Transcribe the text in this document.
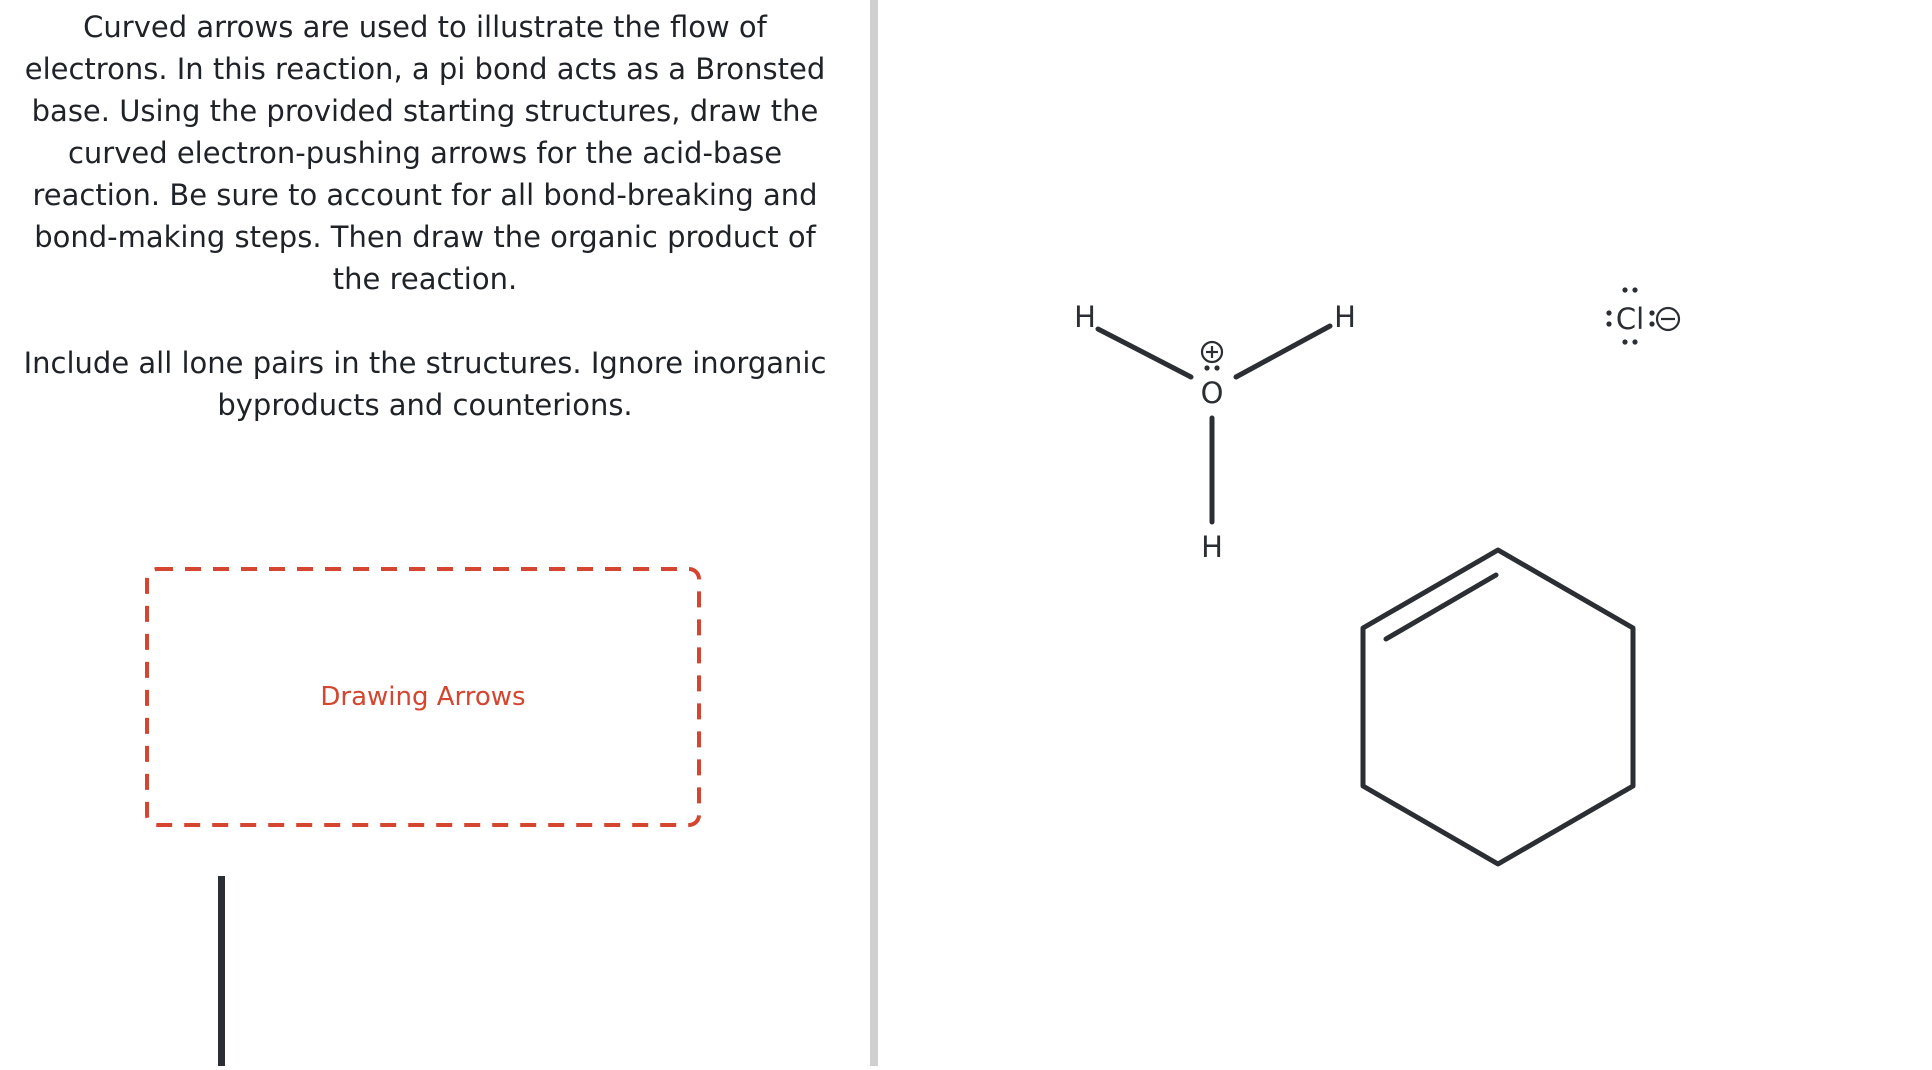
Curved arrows are used to illustrate the flow of electrons. In this reaction, a pi bond acts as a Bronsted base. Using the provided starting structures, draw the curved electron-pushing arrows for the acid-base reaction. Be sure to account for all bond-breaking and bond-making steps. Then draw the organic product of the reaction.

Include all lone pairs in the structures. Ignore inorganic byproducts and counterions.

Drawing Arrows
H	H
H
O
Cl
